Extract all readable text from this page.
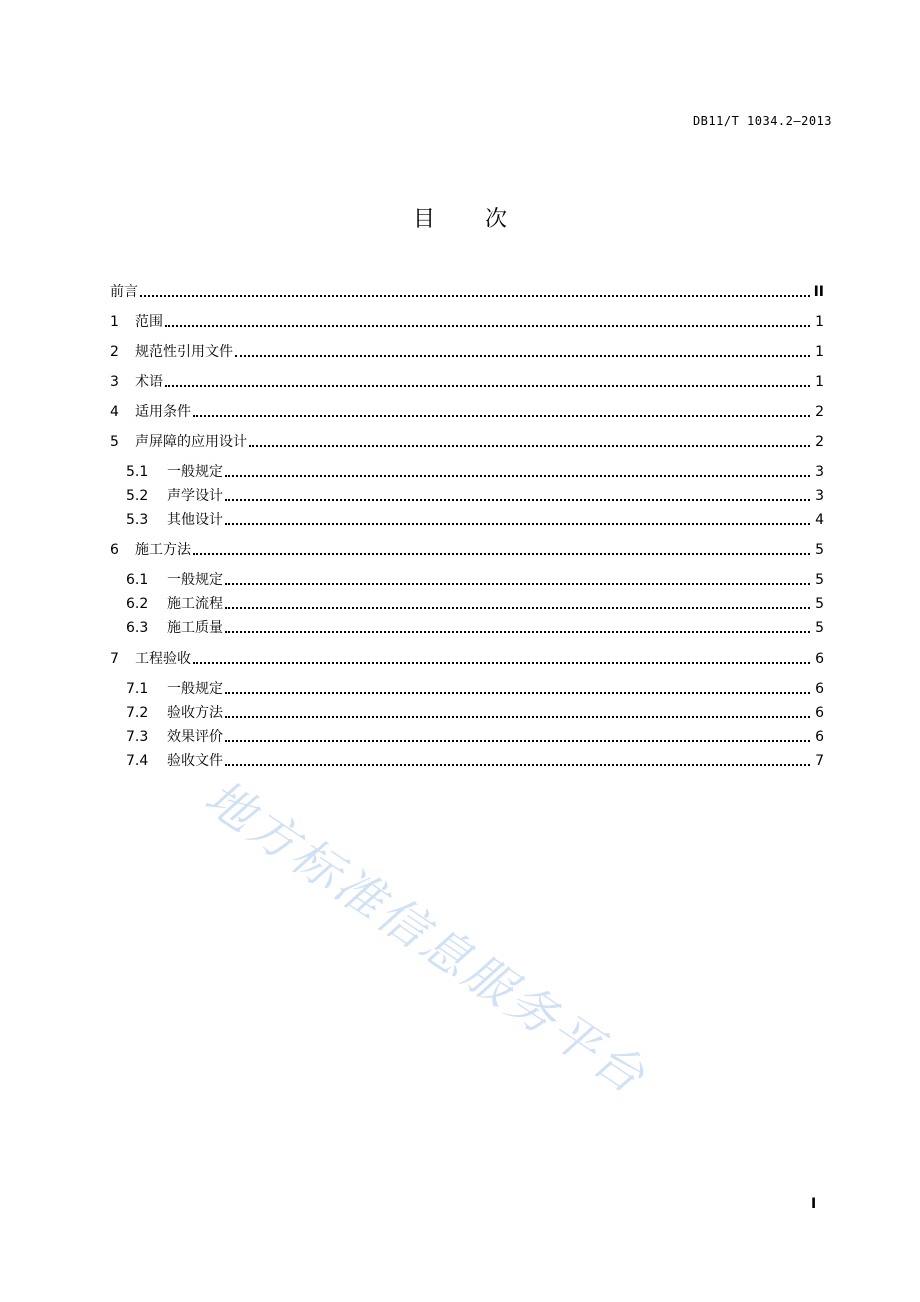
DB11/T 1034.2—2013
目 次
前言	II
1	范围	1
2	规范性引用文件	1
3	术语	1
4	适用条件	2
5	声屏障的应用设计	2
5.1	一般规定	3
5.2	声学设计	3
5.3	其他设计	4
6	施工方法	5
6.1	一般规定	5
6.2	施工流程	5
6.3	施工质量	5
7	工程验收	6
7.1	一般规定	6
7.2	验收方法	6
7.3	效果评价	6
7.4	验收文件	7
I
地方标准信息服务平台
